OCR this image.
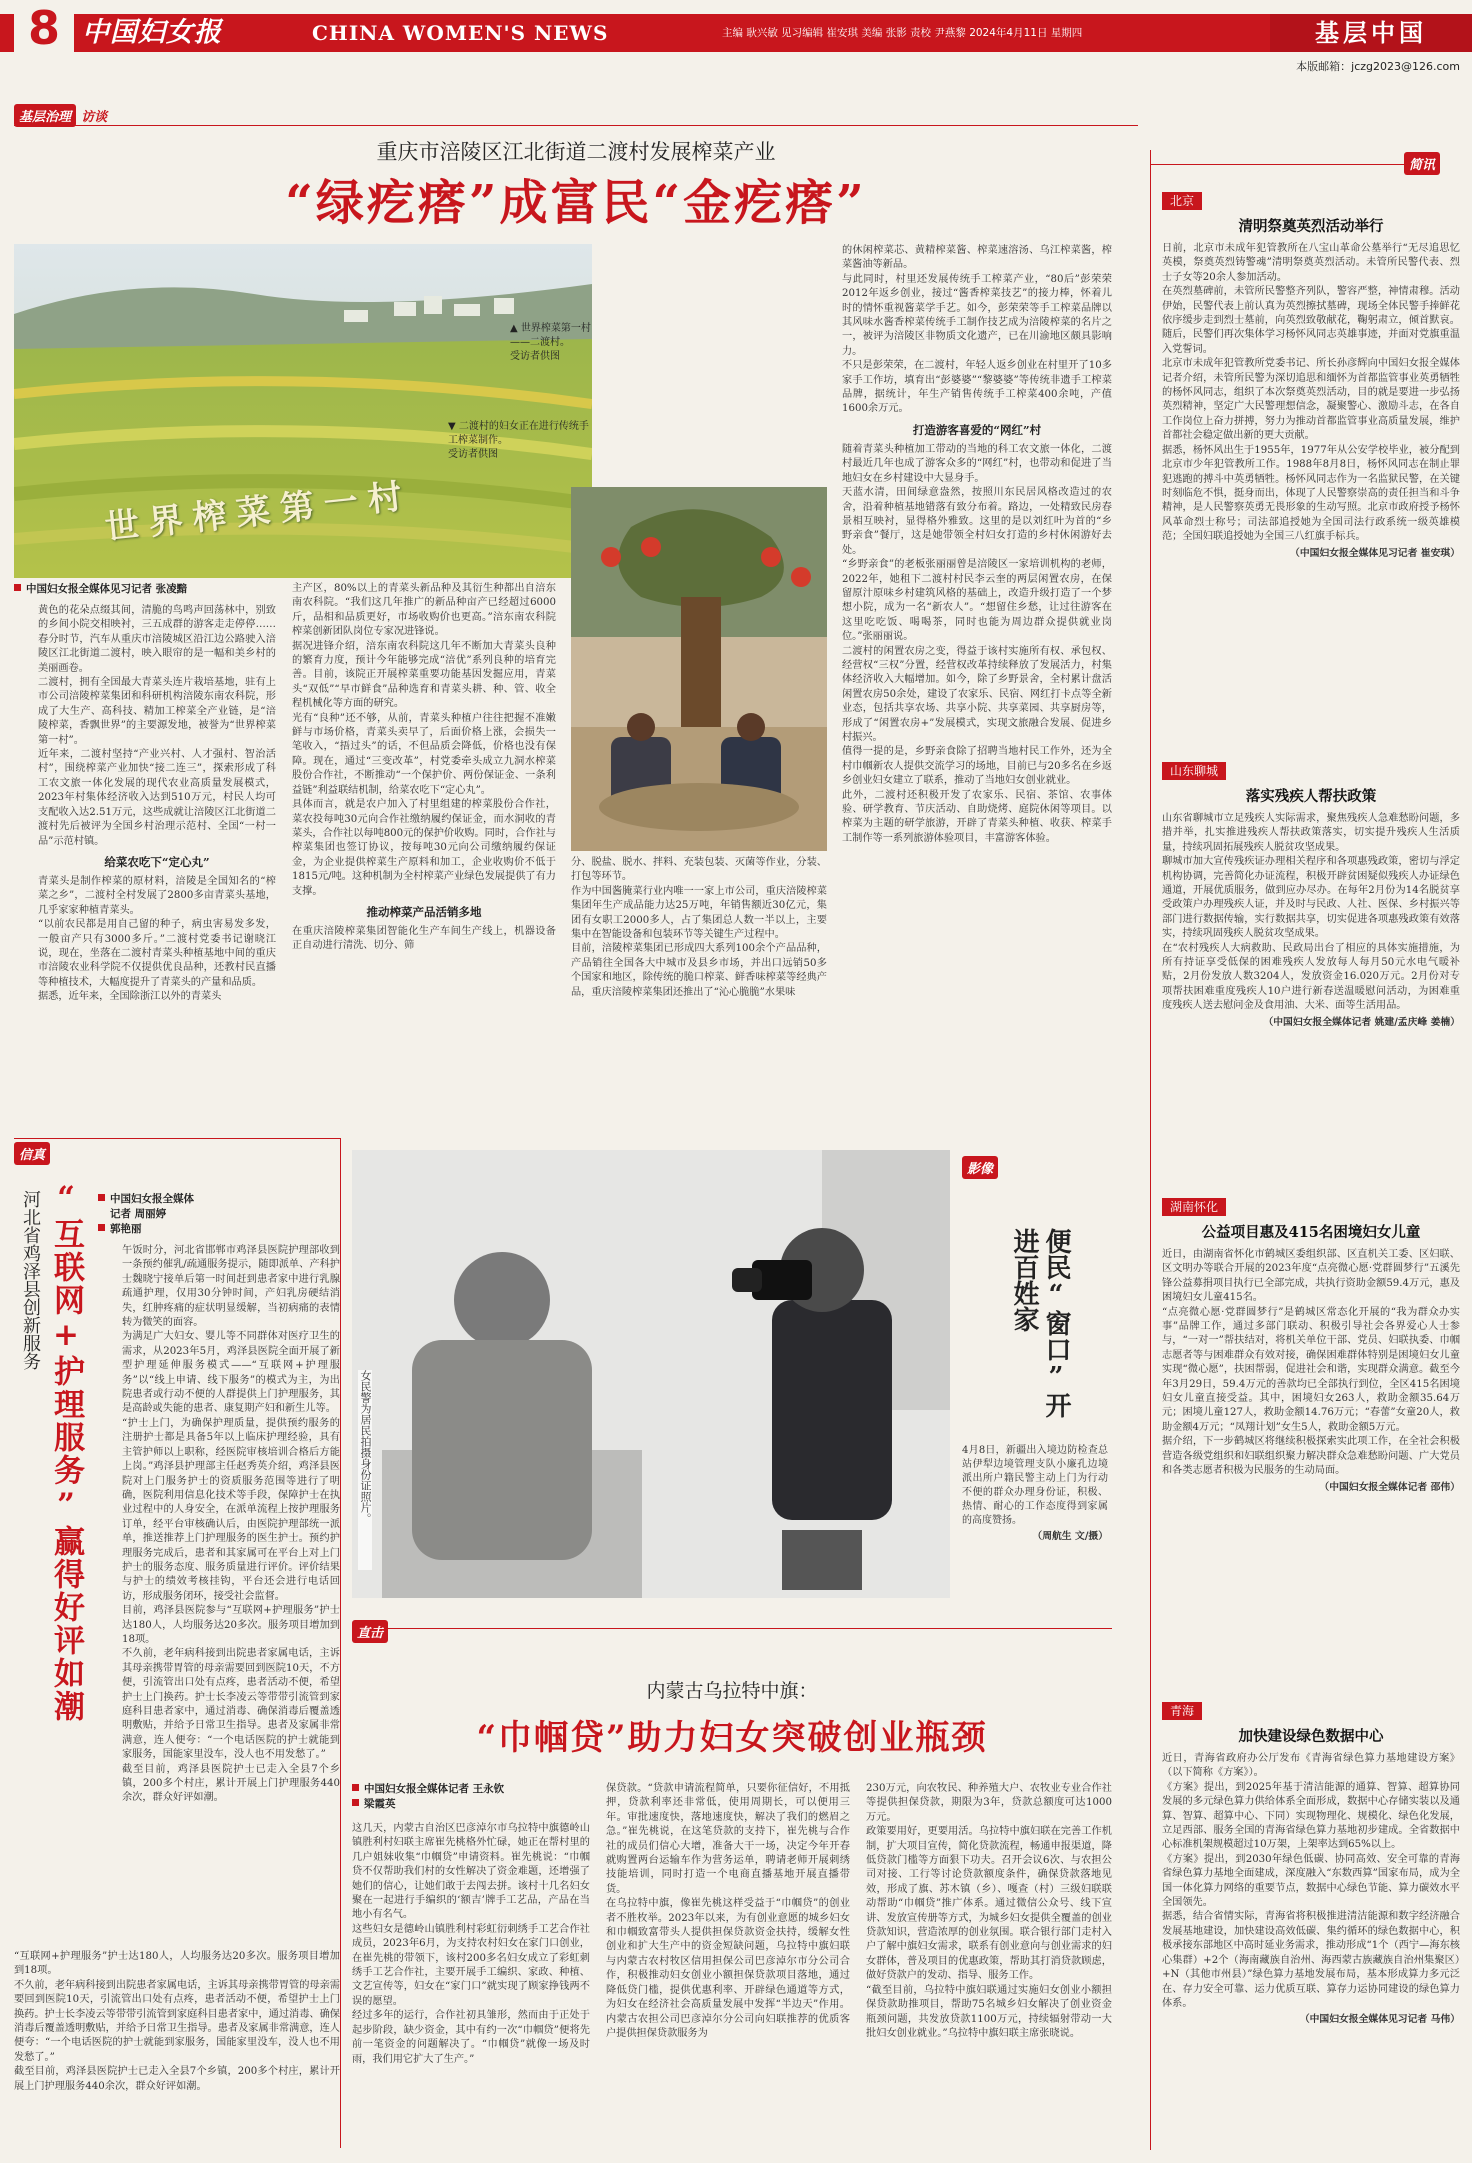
8 中国妇女报	CHINA WOMEN'S NEWS	主编 耿兴敏 见习编辑 崔安琪 美编 张影 责校 尹燕黎 2024年4月11日 星期四	基层中国
本版邮箱：jczg2023@126.com
基层治理 访谈
重庆市涪陵区江北街道二渡村发展榨菜产业
“绿疙瘩”成富民“金疙瘩”
世界榨菜第一村
▲ 世界榨菜第一村——二渡村。
受访者供图
▼ 二渡村的妇女正在进行传统手工榨菜制作。
受访者供图
中国妇女报全媒体见习记者 张凌黯
黄色的花朵点缀其间，清脆的鸟鸣声回荡林中，别致的乡间小院交相映衬，三五成群的游客走走停停……春分时节，汽车从重庆市涪陵城区沿江边公路驶入涪陵区江北街道二渡村，映入眼帘的是一幅和美乡村的美丽画卷。
二渡村，拥有全国最大青菜头连片栽培基地，驻有上市公司涪陵榨菜集团和科研机构涪陵东南农科院，形成了大生产、高科技、精加工榨菜全产业链，是“涪陵榨菜，香飘世界”的主要源发地，被誉为“世界榨菜第一村”。
近年来，二渡村坚持“产业兴村、人才强村、智治活村”，围绕榨菜产业加快“接二连三”，探索形成了科工农文旅一体化发展的现代农业高质量发展模式，2023年村集体经济收入达到510万元，村民人均可支配收入达2.51万元，这些成就让涪陵区江北街道二渡村先后被评为全国乡村治理示范村、全国“一村一品”示范村镇。
给菜农吃下“定心丸”
青菜头是制作榨菜的原材料，涪陵是全国知名的“榨菜之乡”，二渡村全村发展了2800多亩青菜头基地，几乎家家种植青菜头。
“以前农民都是用自己留的种子，病虫害易发多发，一般亩产只有3000多斤。”二渡村党委书记谢晓江说，现在，坐落在二渡村青菜头种植基地中间的重庆市涪陵农业科学院不仅提供优良品种，还教村民直播等种植技术，大幅度提升了青菜头的产量和品质。
据悉，近年来，全国除浙江以外的青菜头
主产区，80%以上的青菜头新品种及其衍生种都出自涪东南农科院。“我们这几年推广的新品种亩产已经超过6000斤，品相和品质更好，市场收购价也更高。”涪东南农科院榨菜创新团队岗位专家况进锋说。
据况进锋介绍，涪东南农科院这几年不断加大青菜头良种的繁育力度，预计今年能够完成“涪优”系列良种的培育完善。目前，该院正开展榨菜重要功能基因发掘应用，青菜头“双低”“早市鲜食”品种选育和青菜头耕、种、管、收全程机械化等方面的研究。
光有“良种”还不够，从前，青菜头种植户往往把握不准嫩鲜与市场价格，青菜头卖早了，后面价格上涨，会损失一笔收入，“捂过头”的话，不但品质会降低，价格也没有保障。现在，通过“三变改革”，村党委牵头成立九洞水榨菜股份合作社，不断推动“一个保护价、两份保证金、一条利益链”利益联结机制，给菜农吃下“定心丸”。
具体而言，就是农户加入了村里组建的榨菜股份合作社，菜农投每吨30元向合作社缴纳履约保证金，而水洞收的青菜头，合作社以每吨800元的保护价收购。同时，合作社与榨菜集团也签订协议，按每吨30元向公司缴纳履约保证金，为企业提供榨菜生产原料和加工，企业收购价不低于1815元/吨。这种机制为全村榨菜产业绿色发展提供了有力支撑。
推动榨菜产品活销多地
在重庆涪陵榨菜集团智能化生产车间生产线上，机器设备正自动进行清洗、切分、筛
分、脱盐、脱水、拌料、充装包装、灭菌等作业，分装、打包等环节。
作为中国酱腌菜行业内唯一一家上市公司，重庆涪陵榨菜集团年生产成品能力达25万吨，年销售额近30亿元，集团有女职工2000多人，占了集团总人数一半以上，主要集中在智能设备和包装环节等关键生产过程中。
目前，涪陵榨菜集团已形成四大系列100余个产品品种，产品销往全国各大中城市及县乡市场，并出口远销50多个国家和地区，除传统的脆口榨菜、鲜香味榨菜等经典产品，重庆涪陵榨菜集团还推出了“沁心脆脆”水果味
的休闲榨菜芯、黄精榨菜酱、榨菜速溶汤、乌江榨菜酱，榨菜酱油等新品。
与此同时，村里还发展传统手工榨菜产业，“80后”彭荣荣2012年返乡创业，接过“酱香榨菜技艺”的接力棒，怀着儿时的情怀重视酱菜学手艺。如今，彭荣荣等手工榨菜品牌以其风味水酱香榨菜传统手工制作技艺成为涪陵榨菜的名片之一，被评为涪陵区非物质文化遗产，已在川渝地区颇具影响力。
不只是彭荣荣，在二渡村，年轻人返乡创业在村里开了10多家手工作坊，填育出“彭婆婆”“黎婆婆”等传统非遗手工榨菜品牌，据统计，年生产销售传统手工榨菜400余吨，产值1600余万元。
打造游客喜爱的“网红”村
随着青菜头种植加工带动的当地的科工农文旅一体化，二渡村最近几年也成了游客众多的“网红”村，也带动和促进了当地妇女在乡村建设中大显身手。
天蓝水清，田间绿意盎然，按照川东民居风格改造过的农舍，沿着种植基地错落有致分布着。路边，一处精致民房春景相互映衬，显得格外雅致。这里的是以刘红叶为首的“乡野亲食”餐厅，这是她带领全村妇女打造的乡村休闲游好去处。
“乡野亲食”的老板张丽丽曾是涪陵区一家培训机构的老师，2022年，她租下二渡村村民李云奎的两层闲置农房，在保留原汁原味乡村建筑风格的基础上，改造升级打造了一个梦想小院，成为一名“新农人”。“想留住乡愁，让过往游客在这里吃吃饭、喝喝茶，同时也能为周边群众提供就业岗位。”张丽丽说。
二渡村的闲置农房之变，得益于该村实施所有权、承包权、经营权“三权”分置，经营权改革持续释放了发展活力，村集体经济收入大幅增加。如今，除了乡野景舍，全村累计盘活闲置农房50余处，建设了农家乐、民宿、网红打卡点等全新业态，包括共享农场、共享小院、共享菜园、共享厨房等，形成了“闲置农房+”发展模式，实现文旅融合发展、促进乡村振兴。
值得一提的是，乡野亲食除了招聘当地村民工作外，还为全村巾帼新农人提供交流学习的场地，目前已与20多名在乡返乡创业妇女建立了联系，推动了当地妇女创业就业。
此外，二渡村还积极开发了农家乐、民宿、茶馆、农事体验、研学教育、节庆活动、自助烧烤、庭院休闲等项目。以榨菜为主题的研学旅游，开辟了青菜头种植、收获、榨菜手工制作等一系列旅游体验项目，丰富游客体验。
信真
河北省鸡泽县创新服务 “互联网+护理服务”赢得好评如潮	中国妇女报全媒体
记者 周丽婷
郭艳丽
午饭时分，河北省邯郸市鸡泽县医院护理部收到一条预约催乳/疏通服务提示，随即派单、产科护士魏晓宁接单后第一时间赶到患者家中进行乳腺疏通护理，仅用30分钟时间，产妇乳房硬结消失，红肿疼痛的症状明显缓解，当初病痛的表情转为微笑的面容。
为满足广大妇女、婴儿等不同群体对医疗卫生的需求，从2023年5月，鸡泽县医院全面开展了新型护理延伸服务模式——“互联网+护理服务”以“线上申请、线下服务”的模式为主，为出院患者或行动不便的人群提供上门护理服务，其是高龄或失能的患者、康复期产妇和新生儿等。
“护士上门，为确保护理质量，提供预约服务的注册护士都是具备5年以上临床护理经验，具有主管护师以上职称，经医院审核培训合格后方能上岗。”鸡泽县护理部主任赵秀英介绍，鸡泽县医院对上门服务护士的资质服务范围等进行了明确，医院利用信息化技术等手段，保障护士在执业过程中的人身安全，在派单流程上按护理服务订单，经平台审核确认后，由医院护理部统一派单，推送推荐上门护理服务的医生护士。预约护理服务完成后，患者和其家属可在平台上对上门护士的服务态度、服务质量进行评价。评价结果与护士的绩效考核挂钩，平台还会进行电话回访，形成服务闭环，接受社会监督。
目前，鸡泽县医院参与“互联网+护理服务”护士达180人，人均服务达20多次。服务项目增加到18项。
不久前，老年病科接到出院患者家属电话，主诉其母亲携带胃管的母亲需要回到医院10天，不方便，引流管出口处有点疼，患者活动不便，希望护士上门换药。护士长李凌云等带带引流管到家庭科目患者家中，通过消毒、确保消毒后覆盖透明敷贴，并给予日常卫生指导。患者及家属非常满意，连人便夸：“一个电话医院的护士就能到家服务，国能家里没车，没人也不用发愁了。”
截至目前，鸡泽县医院护士已走入全县7个乡镇，200多个村庄，累计开展上门护理服务440余次，群众好评如潮。
“互联网+护理服务”护士达180人，人均服务达20多次。服务项目增加到18项。
不久前，老年病科接到出院患者家属电话，主诉其母亲携带胃管的母亲需要回到医院10天，引流管出口处有点疼，患者活动不便，希望护士上门换药。护士长李凌云等带带引流管到家庭科目患者家中，通过消毒、确保消毒后覆盖透明敷贴，并给予日常卫生指导。患者及家属非常满意，连人便夸：“一个电话医院的护士就能到家服务，国能家里没车，没人也不用发愁了。”
截至目前，鸡泽县医院护士已走入全县7个乡镇，200多个村庄，累计开展上门护理服务440余次，群众好评如潮。
影像
便民“窗口”开进百姓家
女民警为居民拍摄身份证照片。	4月8日，新疆出入境边防检查总站伊犁边境管理支队小廉孔边境派出所户籍民警主动上门为行动不便的群众办理身份证，积极、热情、耐心的工作态度得到家属的高度赞扬。
（周航生 文/摄）
直击
内蒙古乌拉特中旗：
“巾帼贷”助力妇女突破创业瓶颈
中国妇女报全媒体记者 王永钦
梁霞英
这几天，内蒙古自治区巴彦淖尔市乌拉特中旗德岭山镇胜利村妇联主席崔先桃格外忙碌，她正在帮村里的几户姐妹收集“巾帼贷”申请资料。崔先桃说：“巾帼贷不仅帮助我们村的女性解决了资金难题，还增强了她们的信心，让她们敢于去闯去拼。该村十几名妇女聚在一起进行手编织的‘额吉’牌手工艺品，产品在当地小有名气。
这些妇女是德岭山镇胜利村彩虹衍刺绣手工艺合作社成员，2023年6月，为支持农村妇女在家门口创业，在崔先桃的带领下，该村200多名妇女成立了彩虹刺绣手工艺合作社，主要开展手工编织、家政、种植、文艺宣传等，妇女在“家门口”就实现了顾家挣钱两不误的愿望。
经过多年的运行，合作社初具雏形，然而由于正处于起步阶段，缺少资金，其中有约一次“巾帼贷”便将先前一笔资金的问题解决了。“巾帼贷”就像一场及时雨，我们用它扩大了生产。”
保贷款。“贷款申请流程简单，只要你征信好，不用抵押，贷款利率还非常低，使用周期长，可以便用三年。审批速度快，落地速度快，解决了我们的燃眉之急。”崔先桃说，在这笔贷款的支持下，崔先桃与合作社的成员们信心大增，准备大干一场，决定今年开春就购置两台运输车作为营务运单，聘请老师开展刺绣技能培训，同时打造一个电商直播基地开展直播带货。
在乌拉特中旗，像崔先桃这样受益于“巾帼贷”的创业者不胜枚举。2023年以来，为有创业意愿的城乡妇女和巾帼致富带头人提供担保贷款资金扶持，缓解女性创业和扩大生产中的资金短缺问题，乌拉特中旗妇联与内蒙古农村牧区信用担保公司巴彦淖尔市分公司合作，积极推动妇女创业小额担保贷款项目落地，通过降低贷门槛，提供优惠利率、开辟绿色通道等方式，为妇女在经济社会高质量发展中发挥“半边天”作用。内蒙古农担公司巴彦淖尔分公司向妇联推荐的优质客户提供担保贷款服务为
230万元，向农牧民、种养殖大户、农牧业专业合作社等提供担保贷款，期限为3年，贷款总额度可达1000万元。
政策要用好，更要用活。乌拉特中旗妇联在完善工作机制，扩大项目宣传，简化贷款流程，畅通申报渠道，降低贷款门槛等方面狠下功夫。召开会议6次、与农担公司对接、工行等讨论贷款额度条件，确保贷款落地见效，形成了旗、苏木镇（乡）、嘎查（村）三级妇联联动帮助“巾帼贷”推广体系。通过微信公众号、线下宣讲、发放宣传册等方式，为城乡妇女提供全覆盖的创业贷款知识，营造浓厚的创业氛围。联合银行部门走村入户了解中旗妇女需求，联系有创业意向与创业需求的妇女群体，普及项目的优惠政策，帮助其打消贷款顾虑，做好贷款户的发动、指导、服务工作。
“截至目前，乌拉特中旗妇联通过实施妇女创业小额担保贷款助推项目，帮助75名城乡妇女解决了创业资金瓶颈问题，共发放贷款1100万元，持续辐射带动一大批妇女创业就业。”乌拉特中旗妇联主席张晓说。
简讯
北京
清明祭奠英烈活动举行
日前，北京市未成年犯管教所在八宝山革命公墓举行“无尽追思忆英模，祭奠英烈铸警魂”清明祭奠英烈活动。未管所民警代表、烈士子女等20余人参加活动。
在英烈墓碑前，未管所民警整齐列队，警容严整，神情肃穆。活动伊始，民警代表上前认真为英烈擦拭墓碑，现场全体民警手捧鲜花依序缓步走到烈士墓前，向英烈致敬献花，鞠躬肃立，倾首默哀。随后，民警们再次集体学习杨怀风同志英雄事迹，并面对党旗重温入党誓词。
北京市未成年犯管教所党委书记、所长孙彦辉向中国妇女报全媒体记者介绍，未管所民警为深切追思和缅怀为首都监管事业英勇牺牲的杨怀风同志，组织了本次祭奠英烈活动，目的就是要进一步弘扬英烈精神，坚定广大民警理想信念，凝聚警心、激励斗志，在各自工作岗位上奋力拼搏，努力为推动首都监管事业高质量发展，维护首都社会稳定做出新的更大贡献。
据悉，杨怀风出生于1955年，1977年从公安学校毕业，被分配到北京市少年犯管教所工作。1988年8月8日，杨怀风同志在制止罪犯逃跑的搏斗中英勇牺牲。杨怀风同志作为一名监狱民警，在关键时刻临危不惧，挺身而出，体现了人民警察崇高的责任担当和斗争精神，是人民警察英勇无畏形象的生动写照。北京市政府授予杨怀风革命烈士称号；司法部追授她为全国司法行政系统一级英雄模范；全国妇联追授她为全国三八红旗手标兵。
（中国妇女报全媒体见习记者 崔安琪）
山东聊城
落实残疾人帮扶政策
山东省聊城市立足残疾人实际需求，聚焦残疾人急难愁盼问题，多措并举，扎实推进残疾人帮扶政策落实，切实提升残疾人生活质量，持续巩固拓展残疾人脱贫攻坚成果。
聊城市加大宣传残疾证办理相关程序和各项惠残政策，密切与浮定机构协调，完善简化办证流程，积极开辟贫困疑似残疾人办证绿色通道，开展优质服务，做到应办尽办。在每年2月份为14名脱贫享受政策户办理残疾人证，并及时与民政、人社、医保、乡村振兴等部门进行数据传输，实行数据共享，切实促进各项惠残政策有效落实，持续巩固残疾人脱贫攻坚成果。
在“农村残疾人大病救助、民政局出台了相应的具体实施措施，为所有持证享受低保的困难残疾人发放每人每月50元水电气暖补贴，2月份发放人数3204人，发放资金16.020万元。2月份对专项帮扶困难重度残疾人10户进行新春送温暖慰问活动，为困难重度残疾人送去慰问金及食用油、大米、面等生活用品。
（中国妇女报全媒体记者 姚建/孟庆峰 姜楠）
湖南怀化
公益项目惠及415名困境妇女儿童
近日，由湖南省怀化市鹤城区委组织部、区直机关工委、区妇联、区文明办等联合开展的2023年度“点亮微心愿·党群圆梦行”五溪先锋公益募捐项目执行已全部完成，共执行资助金额59.4万元，惠及困境妇女儿童415名。
“点亮微心愿·党群圆梦行”是鹤城区常态化开展的“我为群众办实事”品牌工作，通过多部门联动、积极引导社会各界爱心人士参与，“一对一”帮扶结对，将机关单位干部、党员、妇联执委、巾帼志愿者等与困难群众有效对接，确保困难群体特别是困境妇女儿童实现“微心愿”，扶困帮弱，促进社会和谐，实现群众满意。截至今年3月29日，59.4万元的善款均已全部执行到位，全区415名困境妇女儿童直接受益。其中，困境妇女263人，救助金额35.64万元；困境儿童127人，救助金额14.76万元；“春蕾”女童20人，救助金额4万元；“凤翔计划”女生5人，救助金额5万元。
据介绍，下一步鹤城区将继续积极探索实此项工作，在全社会积极营造各级党组织和妇联组织聚力解决群众急难愁盼问题、广大党员和各类志愿者积极为民服务的生动局面。
（中国妇女报全媒体记者 邵伟）
青海
加快建设绿色数据中心
近日，青海省政府办公厅发布《青海省绿色算力基地建设方案》（以下简称《方案》）。
《方案》提出，到2025年基于清洁能源的通算、智算、超算协同发展的多元绿色算力供给体系全面形成，数据中心存储实装以及通算、智算、超算中心、下同）实现物理化、规模化、绿色化发展，立足西部、服务全国的青海省绿色算力基地初步建成。全省数据中心标准机架规模超过10万架，上架率达到65%以上。
《方案》提出，到2030年绿色低碳、协同高效、安全可靠的青海省绿色算力基地全面建成，深度融入“东数西算”国家布局，成为全国一体化算力网络的重要节点，数据中心绿色节能、算力碳效水平全国领先。
据悉，结合省情实际，青海省将积极推进清洁能源和数字经济融合发展基地建设，加快建设高效低碳、集约循环的绿色数据中心，积极承接东部地区中高时延业务需求，推动形成“1个（西宁—海东核心集群）+2个（海南藏族自治州、海西蒙古族藏族自治州集聚区）+N（其他市州县）”绿色算力基地发展布局，基本形成算力多元泛在、存力安全可靠、运力优质互联、算存力运协同建设的绿色算力体系。
（中国妇女报全媒体见习记者 马伟）
